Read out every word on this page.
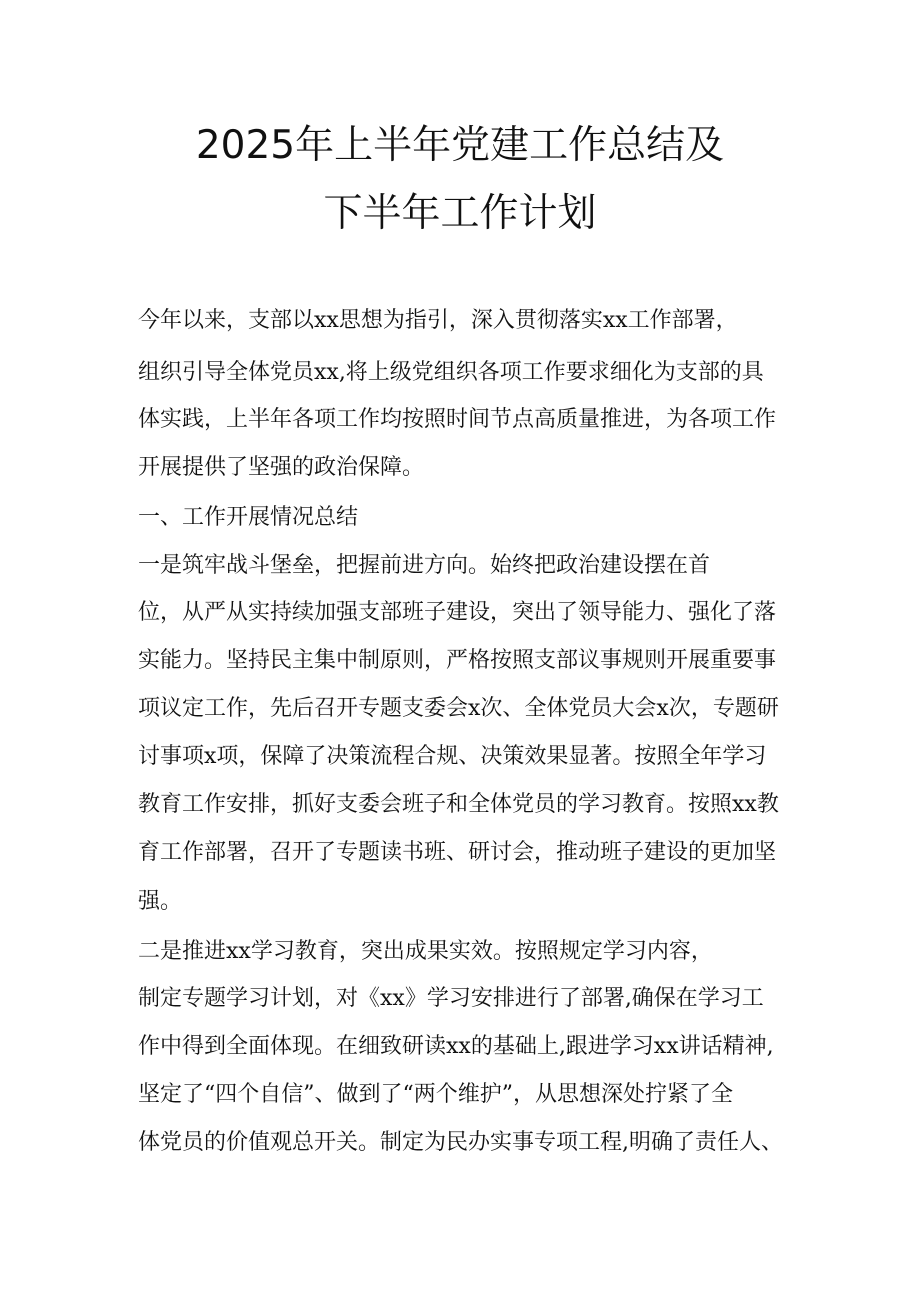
2025年上半年党建工作总结及
下半年工作计划
今年以来，支部以xx思想为指引，深入贯彻落实xx工作部署，
组织引导全体党员xx,将上级党组织各项工作要求细化为支部的具
体实践，上半年各项工作均按照时间节点高质量推进，为各项工作
开展提供了坚强的政治保障。
一、工作开展情况总结
一是筑牢战斗堡垒，把握前进方向。始终把政治建设摆在首
位，从严从实持续加强支部班子建设，突出了领导能力、强化了落
实能力。坚持民主集中制原则，严格按照支部议事规则开展重要事
项议定工作，先后召开专题支委会x次、全体党员大会x次，专题研
讨事项x项，保障了决策流程合规、决策效果显著。按照全年学习
教育工作安排，抓好支委会班子和全体党员的学习教育。按照xx教
育工作部署，召开了专题读书班、研讨会，推动班子建设的更加坚
强。
二是推进xx学习教育，突出成果实效。按照规定学习内容，
制定专题学习计划，对《xx》学习安排进行了部署,确保在学习工
作中得到全面体现。在细致研读xx的基础上,跟进学习xx讲话精神,
坚定了“四个自信”、做到了“两个维护”，从思想深处拧紧了全
体党员的价值观总开关。制定为民办实事专项工程,明确了责任人、
